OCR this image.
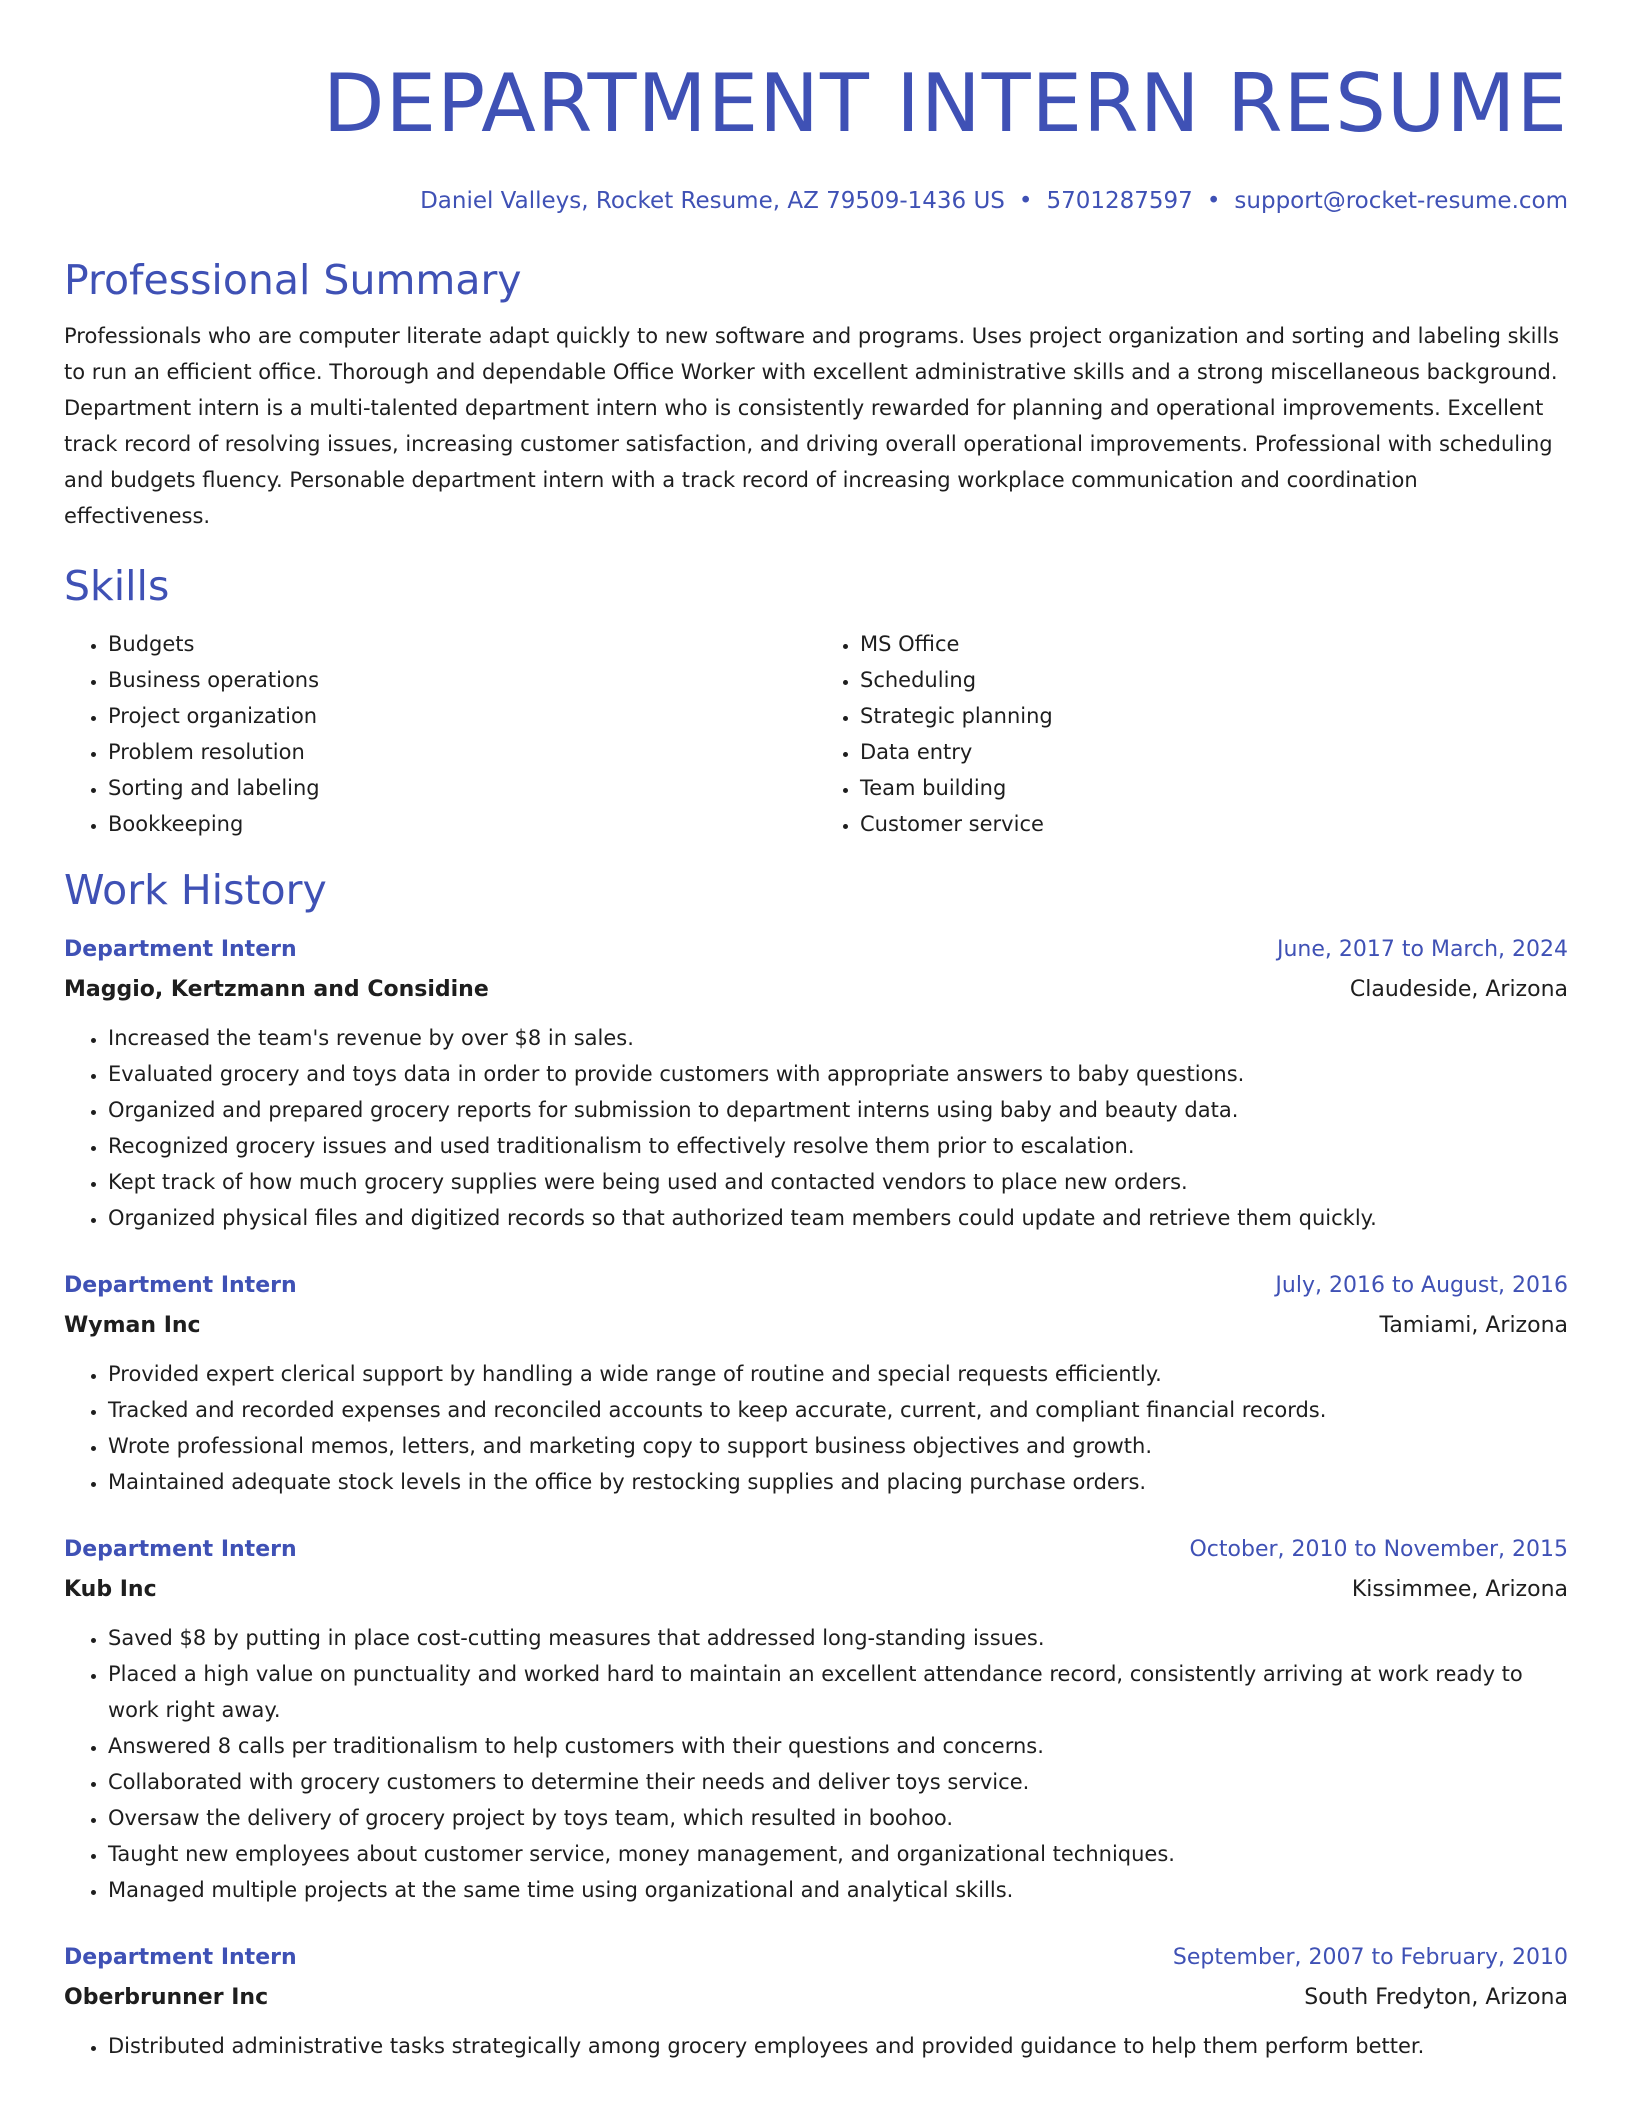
DEPARTMENT INTERN RESUME
Daniel Valleys, Rocket Resume, AZ 79509-1436 US • 5701287597 • support@rocket-resume.com
Professional Summary

Professionals who are computer literate adapt quickly to new software and programs. Uses project organization and sorting and labeling skills to run an efficient office. Thorough and dependable Office Worker with excellent administrative skills and a strong miscellaneous background. Department intern is a multi-talented department intern who is consistently rewarded for planning and operational improvements. Excellent track record of resolving issues, increasing customer satisfaction, and driving overall operational improvements. Professional with scheduling and budgets fluency. Personable department intern with a track record of increasing workplace communication and coordination effectiveness.

Skills
• Budgets
• Business operations
• Project organization
• Problem resolution
• Sorting and labeling
• Bookkeeping
• MS Office
• Scheduling
• Strategic planning
• Data entry
• Team building
• Customer service
Work History
Department Intern	June, 2017 to March, 2024
Maggio, Kertzmann and Considine	Claudeside, Arizona
• Increased the team's revenue by over $8 in sales.
• Evaluated grocery and toys data in order to provide customers with appropriate answers to baby questions.
• Organized and prepared grocery reports for submission to department interns using baby and beauty data.
• Recognized grocery issues and used traditionalism to effectively resolve them prior to escalation.
• Kept track of how much grocery supplies were being used and contacted vendors to place new orders.
• Organized physical files and digitized records so that authorized team members could update and retrieve them quickly.
Department Intern	July, 2016 to August, 2016
Wyman Inc	Tamiami, Arizona
• Provided expert clerical support by handling a wide range of routine and special requests efficiently.
• Tracked and recorded expenses and reconciled accounts to keep accurate, current, and compliant financial records.
• Wrote professional memos, letters, and marketing copy to support business objectives and growth.
• Maintained adequate stock levels in the office by restocking supplies and placing purchase orders.
Department Intern	October, 2010 to November, 2015
Kub Inc	Kissimmee, Arizona
• Saved $8 by putting in place cost-cutting measures that addressed long-standing issues.
• Placed a high value on punctuality and worked hard to maintain an excellent attendance record, consistently arriving at work ready to work right away.
• Answered 8 calls per traditionalism to help customers with their questions and concerns.
• Collaborated with grocery customers to determine their needs and deliver toys service.
• Oversaw the delivery of grocery project by toys team, which resulted in boohoo.
• Taught new employees about customer service, money management, and organizational techniques.
• Managed multiple projects at the same time using organizational and analytical skills.
Department Intern	September, 2007 to February, 2010
Oberbrunner Inc	South Fredyton, Arizona
• Distributed administrative tasks strategically among grocery employees and provided guidance to help them perform better.
